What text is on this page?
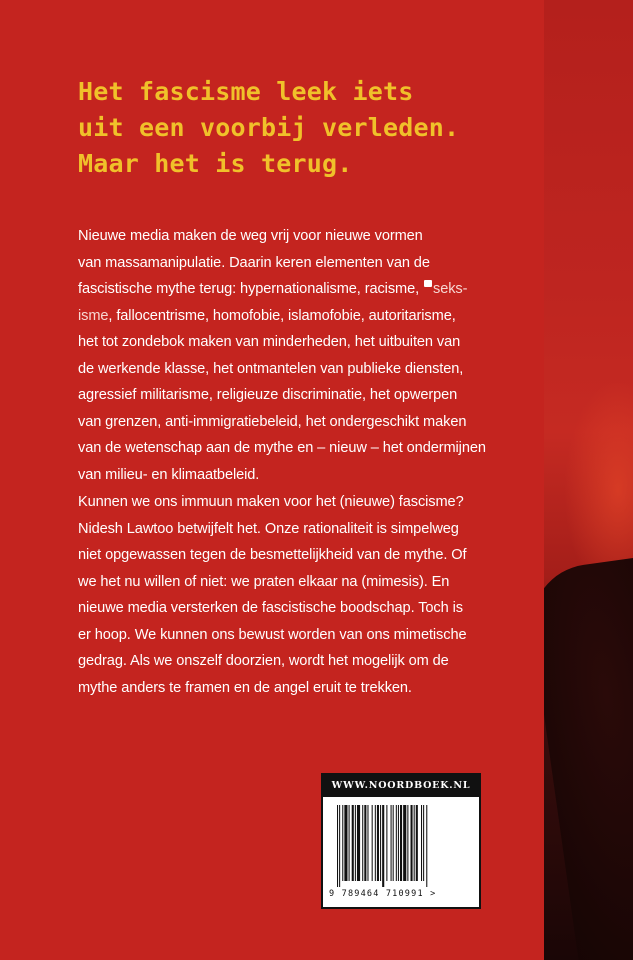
Het fascisme leek iets
uit een voorbij verleden.
Maar het is terug.
Nieuwe media maken de weg vrij voor nieuwe vormen
van massamanipulatie. Daarin keren elementen van de
fascistische mythe terug: hypernationalisme, racisme, seks-
isme, fallocentrisme, homofobie, islamofobie, autoritarisme,
het tot zondebok maken van minderheden, het uitbuiten van
de werkende klasse, het ontmantelen van publieke diensten,
agressief militarisme, religieuze discriminatie, het opwerpen
van grenzen, anti-immigratiebeleid, het ondergeschikt maken
van de wetenschap aan de mythe en – nieuw – het ondermijnen
van milieu- en klimaatbeleid.
Kunnen we ons immuun maken voor het (nieuwe) fascisme?
Nidesh Lawtoo betwijfelt het. Onze rationaliteit is simpelweg
niet opgewassen tegen de besmettelijkheid van de mythe. Of
we het nu willen of niet: we praten elkaar na (mimesis). En
nieuwe media versterken de fascistische boodschap. Toch is
er hoop. We kunnen ons bewust worden van ons mimetische
gedrag. Als we onszelf doorzien, wordt het mogelijk om de
mythe anders te framen en de angel eruit te trekken.
WWW.NOORDBOEK.NL
9 789464 710991 >
